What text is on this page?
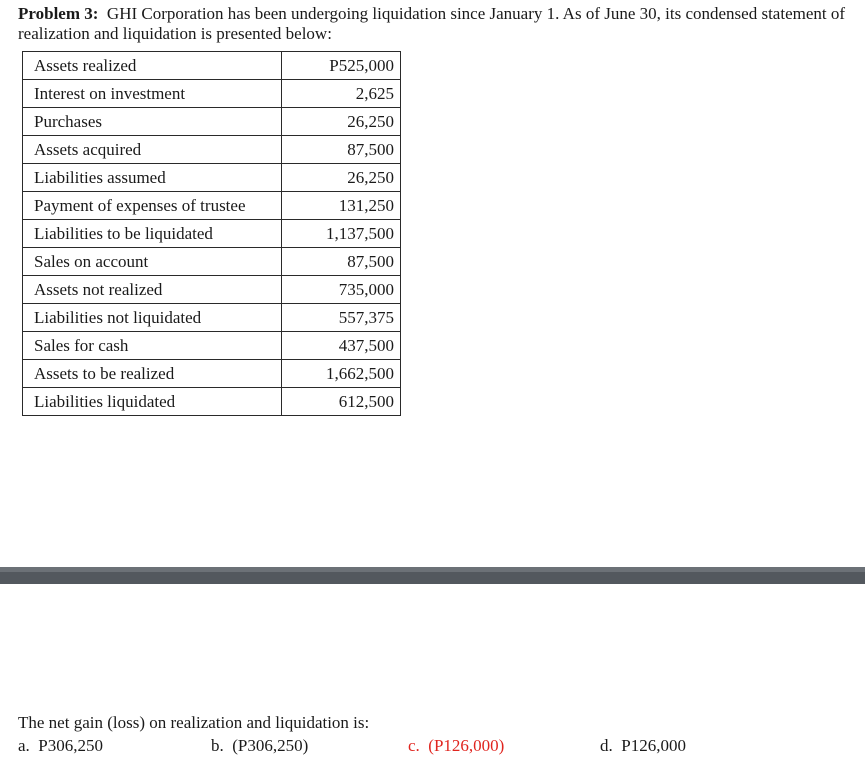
Problem 3: GHI Corporation has been undergoing liquidation since January 1. As of June 30, its condensed statement of realization and liquidation is presented below:

Assets realized	P525,000
Interest on investment	2,625
Purchases	26,250
Assets acquired	87,500
Liabilities assumed	26,250
Payment of expenses of trustee	131,250
Liabilities to be liquidated	1,137,500
Sales on account	87,500
Assets not realized	735,000
Liabilities not liquidated	557,375
Sales for cash	437,500
Assets to be realized	1,662,500
Liabilities liquidated	612,500

The net gain (loss) on realization and liquidation is:

a. P306,250	b. (P306,250)	c. (P126,000)	d. P126,000
